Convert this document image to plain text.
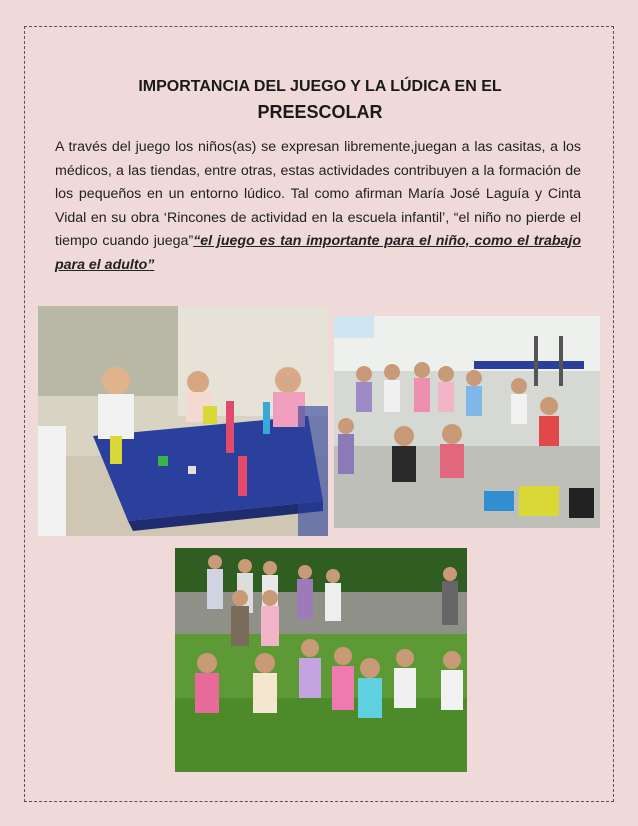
IMPORTANCIA DEL JUEGO Y LA LÚDICA EN EL
PREESCOLAR

A través del juego los niños(as) se expresan libremente,juegan a las casitas, a los médicos, a las tiendas, entre otras, estas actividades contribuyen a la formación de los pequeños en un entorno lúdico. Tal como afirman María José Laguía y Cinta Vidal en su obra ‘Rincones de actividad en la escuela infantil’, “el niño no pierde el tiempo cuando juega”“el juego es tan importante para el niño, como el trabajo para el adulto”
